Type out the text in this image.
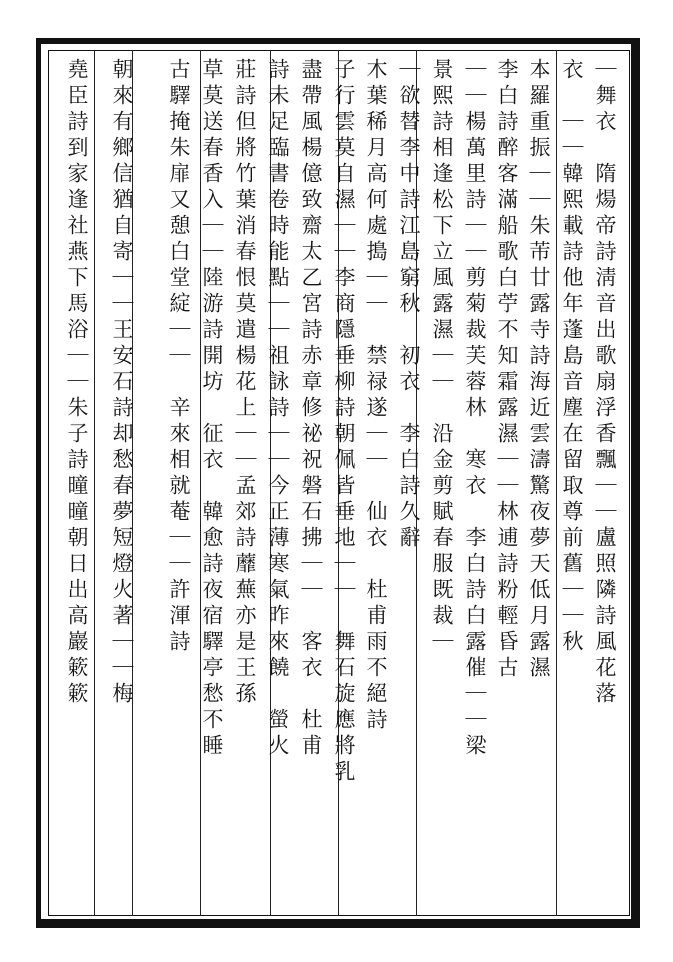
｜舞衣　隋煬帝詩淸音出歌扇浮香飄｜｜盧照隣詩風花落
衣　｜｜韓熙載詩他年蓬島音塵在留取尊前舊｜｜秋
本羅重振｜｜朱芾廿露寺詩海近雲濤驚夜夢天低月露濕
李白詩醉客滿船歌白苧不知霜露濕｜｜林逋詩粉輕昏古
｜｜楊萬里詩｜｜剪菊裁芙蓉林　寒衣　李白詩白露催｜｜梁
景熙詩相逢松下立風露濕｜｜　沿金剪賦春服既裁｜
｜欲替李中詩江島窮秋　初衣　李白詩久辭
木葉稀月高何處搗｜｜　禁禄遂｜｜　仙衣　杜甫雨不絕詩
子行雲莫自濕｜｜李商隱垂柳詩朝佩皆垂地｜｜　舞石旋應將乳
盡帶風楊億致齋太乙宮詩赤章修祕祝磐石拂｜｜　客衣　杜甫
詩未足臨書卷時能點｜｜祖詠詩｜｜今正薄寒氣昨來饒　螢火
莊詩但將竹葉消春恨莫遣楊花上｜｜孟郊詩蘼蕪亦是王孫
草莫送春香入｜｜陸游詩開坊　征衣　韓愈詩夜宿驛亭愁不睡
古驛掩朱扉又憩白堂綻｜｜　辛來相就菴｜｜許渾詩
朝來有鄉信猶自寄｜｜王安石詩却愁春夢短燈火著｜｜梅
堯臣詩到家逢社燕下馬浴｜｜朱子詩曈曈朝日出高巖簌簌
